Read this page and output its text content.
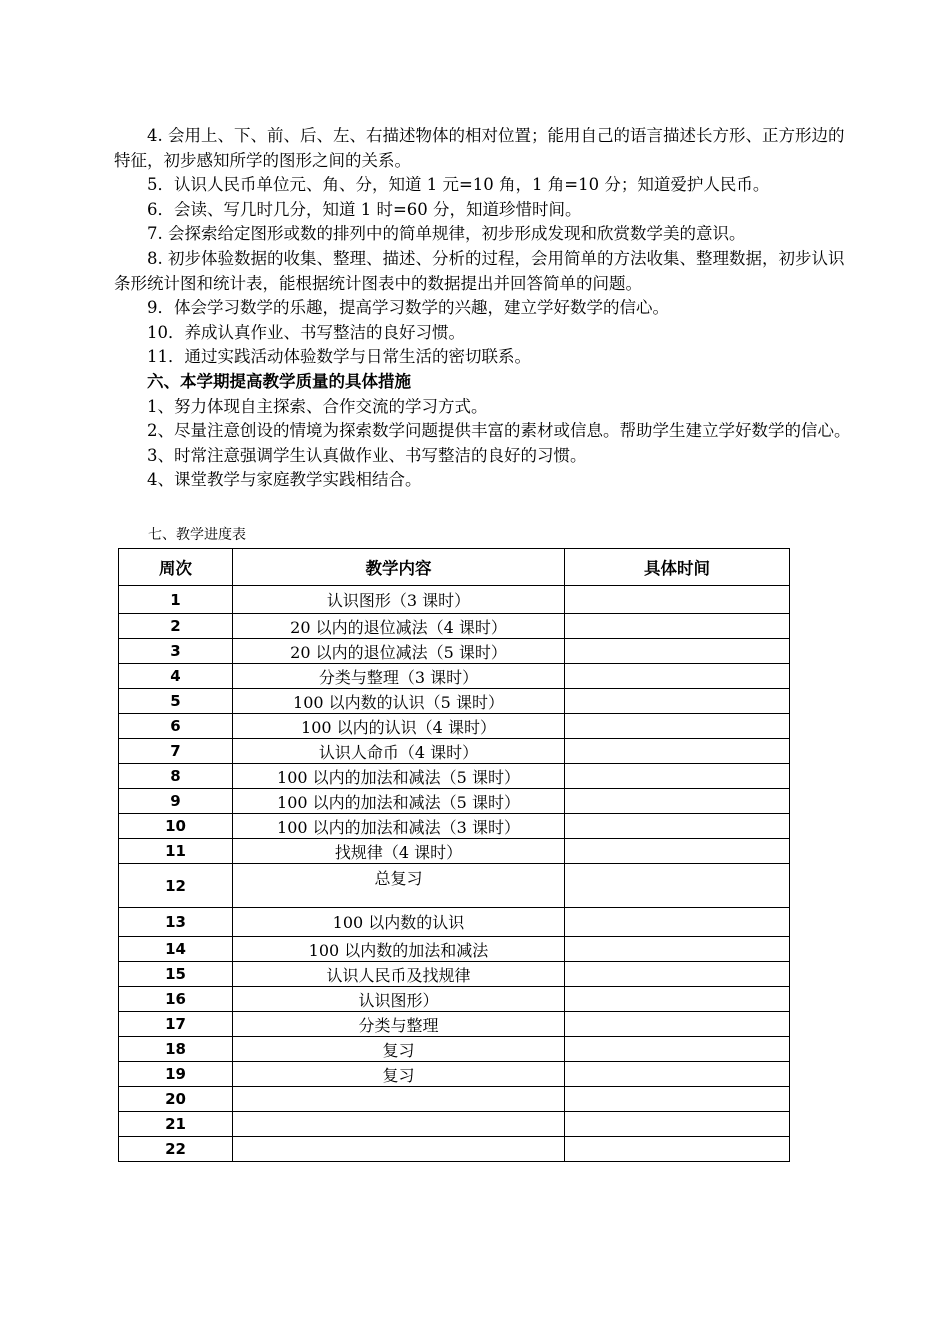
4. 会用上、下、前、后、左、右描述物体的相对位置；能用自己的语言描述长方形、正方形边的特征，初步感知所学的图形之间的关系。

5．认识人民币单位元、角、分，知道 1 元=10 角，1 角=10 分；知道爱护人民币。

6．会读、写几时几分，知道 1 时=60 分，知道珍惜时间。

7. 会探索给定图形或数的排列中的简单规律，初步形成发现和欣赏数学美的意识。

8. 初步体验数据的收集、整理、描述、分析的过程，会用简单的方法收集、整理数据，初步认识条形统计图和统计表，能根据统计图表中的数据提出并回答简单的问题。

9．体会学习数学的乐趣，提高学习数学的兴趣，建立学好数学的信心。

10．养成认真作业、书写整洁的良好习惯。

11．通过实践活动体验数学与日常生活的密切联系。

六、本学期提高教学质量的具体措施

1、努力体现自主探索、合作交流的学习方式。

2、尽量注意创设的情境为探索数学问题提供丰富的素材或信息。帮助学生建立学好数学的信心。

3、时常注意强调学生认真做作业、书写整洁的良好的习惯。

4、课堂教学与家庭教学实践相结合。

七、教学进度表
周次	教学内容	具体时间
1	认识图形（3 课时）	
2	20 以内的退位减法（4 课时）	
3	20 以内的退位减法（5 课时）	
4	分类与整理（3 课时）	
5	100 以内数的认识（5 课时）	
6	100 以内的认识（4 课时）	
7	认识人命币（4 课时）	
8	100 以内的加法和减法（5 课时）	
9	100 以内的加法和减法（5 课时）	
10	100 以内的加法和减法（3 课时）	
11	找规律（4 课时）	
12	总复习	
13	100 以内数的认识	
14	100 以内数的加法和减法	
15	认识人民币及找规律	
16	认识图形）	
17	分类与整理	
18	复习	
19	复习	
20		
21		
22		
